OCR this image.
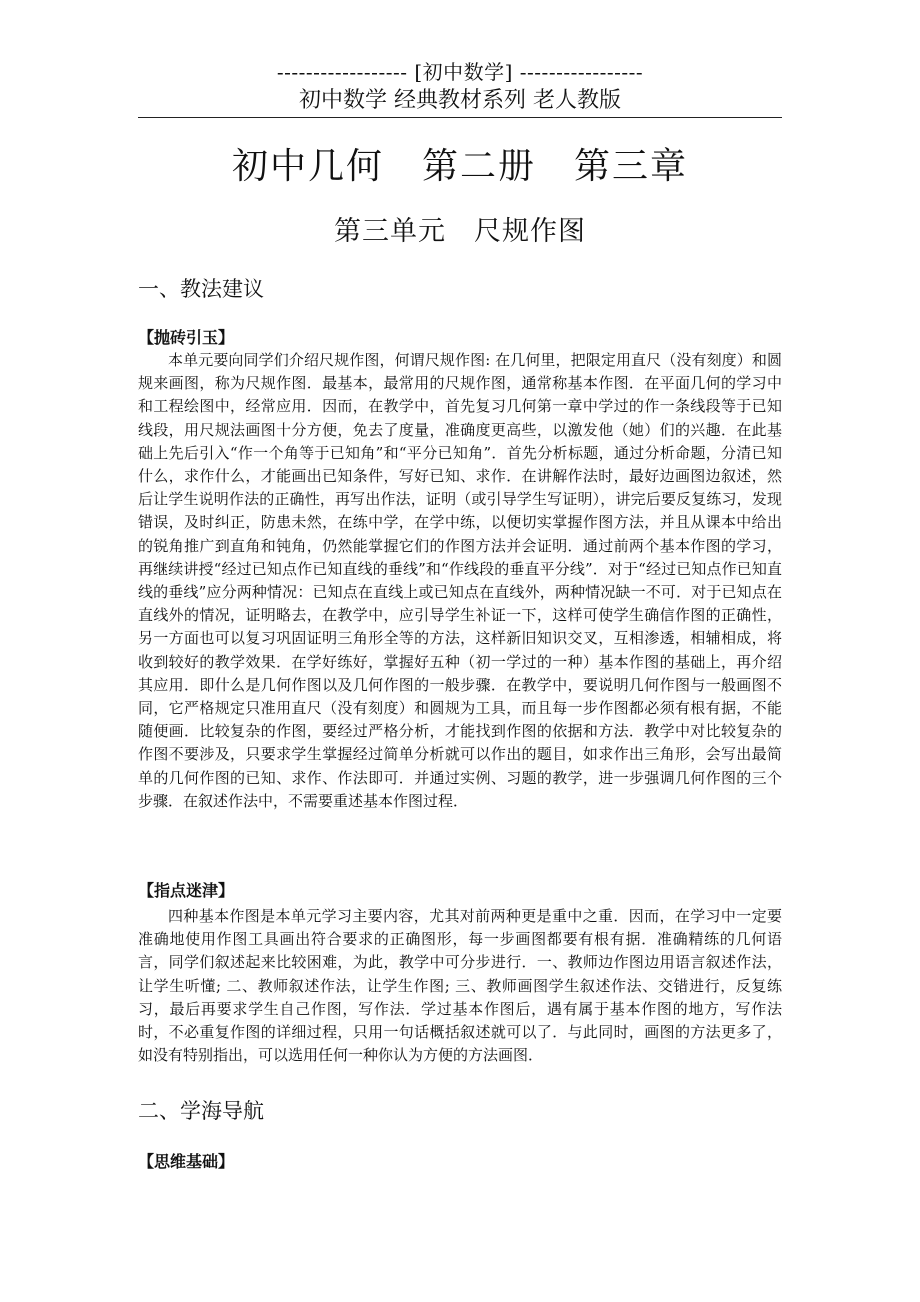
------------------ [初中数学] -----------------
初中数学 经典教材系列 老人教版
初中几何　第二册　第三章
第三单元　尺规作图
一、教法建议
【抛砖引玉】

本单元要向同学们介绍尺规作图，何谓尺规作图: 在几何里，把限定用直尺（没有刻度）和圆规来画图，称为尺规作图．最基本，最常用的尺规作图，通常称基本作图．在平面几何的学习中和工程绘图中，经常应用．因而，在教学中，首先复习几何第一章中学过的作一条线段等于已知线段，用尺规法画图十分方便，免去了度量，准确度更高些，以激发他（她）们的兴趣．在此基础上先后引入“作一个角等于已知角”和“平分已知角”．首先分析标题，通过分析命题，分清已知什么，求作什么，才能画出已知条件，写好已知、求作．在讲解作法时，最好边画图边叙述，然后让学生说明作法的正确性，再写出作法，证明（或引导学生写证明），讲完后要反复练习，发现错误，及时纠正，防患未然，在练中学，在学中练，以便切实掌握作图方法，并且从课本中给出的锐角推广到直角和钝角，仍然能掌握它们的作图方法并会证明．通过前两个基本作图的学习，再继续讲授“经过已知点作已知直线的垂线”和“作线段的垂直平分线”．对于“经过已知点作已知直线的垂线”应分两种情况：已知点在直线上或已知点在直线外，两种情况缺一不可．对于已知点在直线外的情况，证明略去，在教学中，应引导学生补证一下，这样可使学生确信作图的正确性，另一方面也可以复习巩固证明三角形全等的方法，这样新旧知识交叉，互相渗透，相辅相成，将收到较好的教学效果．在学好练好，掌握好五种（初一学过的一种）基本作图的基础上，再介绍其应用．即什么是几何作图以及几何作图的一般步骤．在教学中，要说明几何作图与一般画图不同，它严格规定只准用直尺（没有刻度）和圆规为工具，而且每一步作图都必须有根有据，不能随便画．比较复杂的作图，要经过严格分析，才能找到作图的依据和方法．教学中对比较复杂的作图不要涉及，只要求学生掌握经过简单分析就可以作出的题目，如求作出三角形，会写出最简单的几何作图的已知、求作、作法即可．并通过实例、习题的教学，进一步强调几何作图的三个步骤．在叙述作法中，不需要重述基本作图过程．

【指点迷津】

四种基本作图是本单元学习主要内容，尤其对前两种更是重中之重．因而，在学习中一定要准确地使用作图工具画出符合要求的正确图形，每一步画图都要有根有据．准确精练的几何语言，同学们叙述起来比较困难，为此，教学中可分步进行．一、教师边作图边用语言叙述作法，让学生听懂; 二、教师叙述作法，让学生作图; 三、教师画图学生叙述作法、交错进行，反复练习，最后再要求学生自己作图，写作法．学过基本作图后，遇有属于基本作图的地方，写作法时，不必重复作图的详细过程，只用一句话概括叙述就可以了．与此同时，画图的方法更多了，如没有特别指出，可以选用任何一种你认为方便的方法画图．

二、学海导航
【思维基础】
